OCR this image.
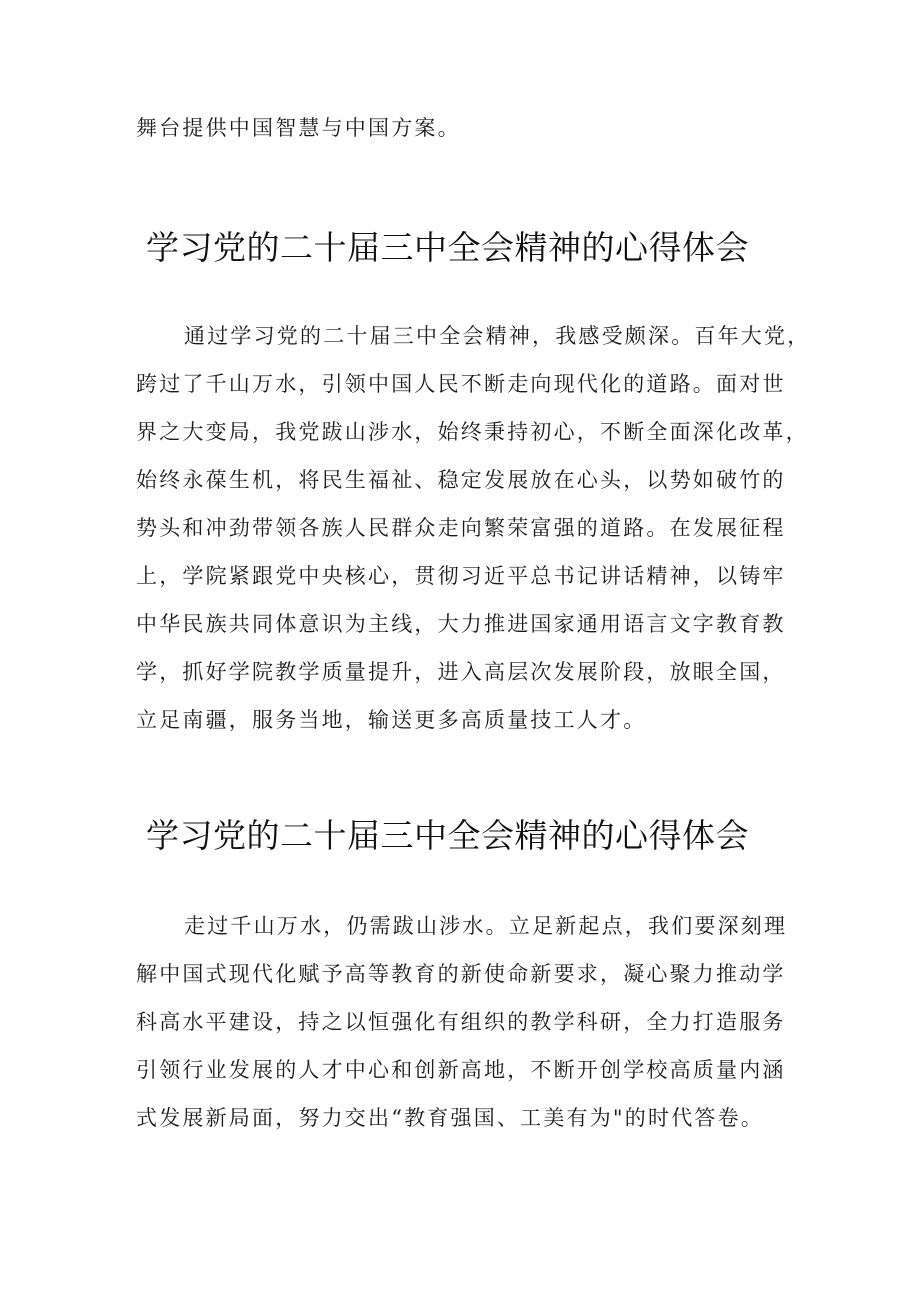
舞台提供中国智慧与中国方案。
学习党的二十届三中全会精神的心得体会
通过学习党的二十届三中全会精神，我感受颇深。百年大党，
跨过了千山万水，引领中国人民不断走向现代化的道路。面对世
界之大变局，我党跋山涉水，始终秉持初心，不断全面深化改革，
始终永葆生机，将民生福祉、稳定发展放在心头，以势如破竹的
势头和冲劲带领各族人民群众走向繁荣富强的道路。在发展征程
上，学院紧跟党中央核心，贯彻习近平总书记讲话精神，以铸牢
中华民族共同体意识为主线，大力推进国家通用语言文字教育教
学，抓好学院教学质量提升，进入高层次发展阶段，放眼全国，
立足南疆，服务当地，输送更多高质量技工人才。
学习党的二十届三中全会精神的心得体会
走过千山万水，仍需跋山涉水。立足新起点，我们要深刻理
解中国式现代化赋予高等教育的新使命新要求，凝心聚力推动学
科高水平建设，持之以恒强化有组织的教学科研，全力打造服务
引领行业发展的人才中心和创新高地，不断开创学校高质量内涵
式发展新局面，努力交出“教育强国、工美有为"的时代答卷。
